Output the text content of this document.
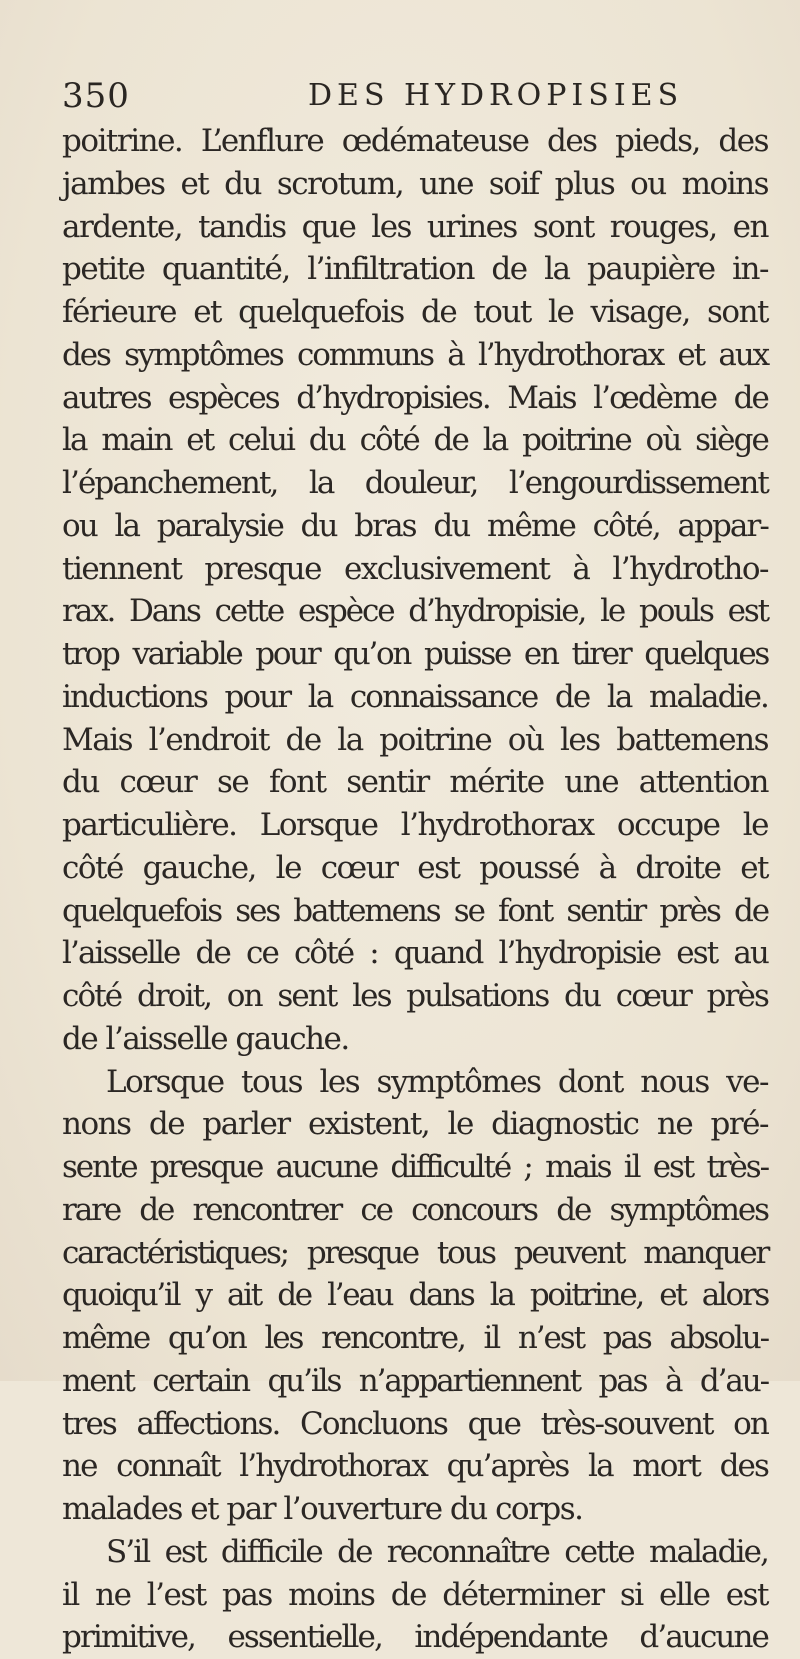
350	DES HYDROPISIES
poitrine. L’enflure œdémateuse des pieds, des
jambes et du scrotum, une soif plus ou moins
ardente, tandis que les urines sont rouges, en
petite quantité, l’infiltration de la paupière in-
férieure et quelquefois de tout le visage, sont
des symptômes communs à l’hydrothorax et aux
autres espèces d’hydropisies. Mais l’œdème de
la main et celui du côté de la poitrine où siège
l’épanchement, la douleur, l’engourdissement
ou la paralysie du bras du même côté, appar-
tiennent presque exclusivement à l’hydrotho-
rax. Dans cette espèce d’hydropisie, le pouls est
trop variable pour qu’on puisse en tirer quelques
inductions pour la connaissance de la maladie.
Mais l’endroit de la poitrine où les battemens
du cœur se font sentir mérite une attention
particulière. Lorsque l’hydrothorax occupe le
côté gauche, le cœur est poussé à droite et
quelquefois ses battemens se font sentir près de
l’aisselle de ce côté : quand l’hydropisie est au
côté droit, on sent les pulsations du cœur près
de l’aisselle gauche.
Lorsque tous les symptômes dont nous ve-
nons de parler existent, le diagnostic ne pré-
sente presque aucune difficulté ; mais il est très-
rare de rencontrer ce concours de symptômes
caractéristiques; presque tous peuvent manquer
quoiqu’il y ait de l’eau dans la poitrine, et alors
même qu’on les rencontre, il n’est pas absolu-
ment certain qu’ils n’appartiennent pas à d’au-
tres affections. Concluons que très-souvent on
ne connaît l’hydrothorax qu’après la mort des
malades et par l’ouverture du corps.
S’il est difficile de reconnaître cette maladie,
il ne l’est pas moins de déterminer si elle est
primitive, essentielle, indépendante d’aucune
